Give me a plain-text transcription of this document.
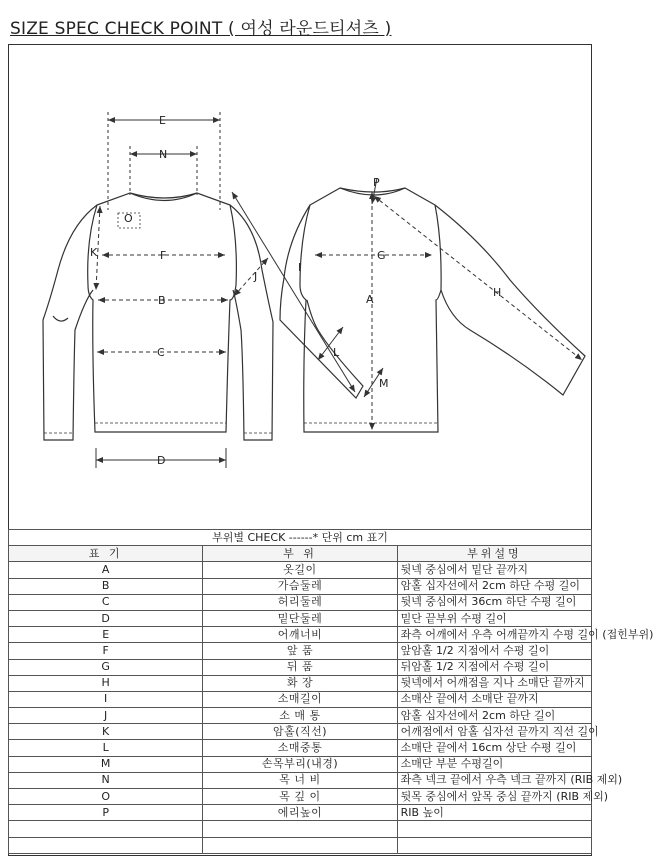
SIZE SPEC CHECK POINT ( 여성 라운드티셔츠 )
E
N
O
K	F
B
C
D
J
I
L
M
A
G
H
P
부위별 CHECK ------* 단위 cm 표기		
표 기	부 위	부위설명
A	옷길이	뒷넥 중심에서 밑단 끝까지
B	가슴둘레	암홀 십자선에서 2cm 하단 수평 길이
C	허리둘레	뒷넥 중심에서 36cm 하단 수평 길이
D	밑단둘레	밑단 끝부위 수평 길이
E	어깨너비	좌측 어깨에서 우측 어깨끝까지 수평 길이 (접힌부위)
F	앞 품	앞암홀 1/2 지점에서 수평 길이
G	뒤 품	뒤암홀 1/2 지점에서 수평 길이
H	화 장	뒷넥에서 어깨점을 지나 소매단 끝까지
I	소매길이	소매산 끝에서 소매단 끝까지
J	소 매 통	암홀 십자선에서 2cm 하단 길이
K	암홀(직선)	어깨점에서 암홀 십자선 끝까지 직선 길이
L	소매중통	소매단 끝에서 16cm 상단 수평 길이
M	손목부리(내경)	소매단 부분 수평길이
N	목 너 비	좌측 넥크 끝에서 우측 넥크 끝까지 (RIB 제외)
O	목 깊 이	뒷목 중심에서 앞목 중심 끝까지 (RIB 제외)
P	에리높이	RIB 높이
